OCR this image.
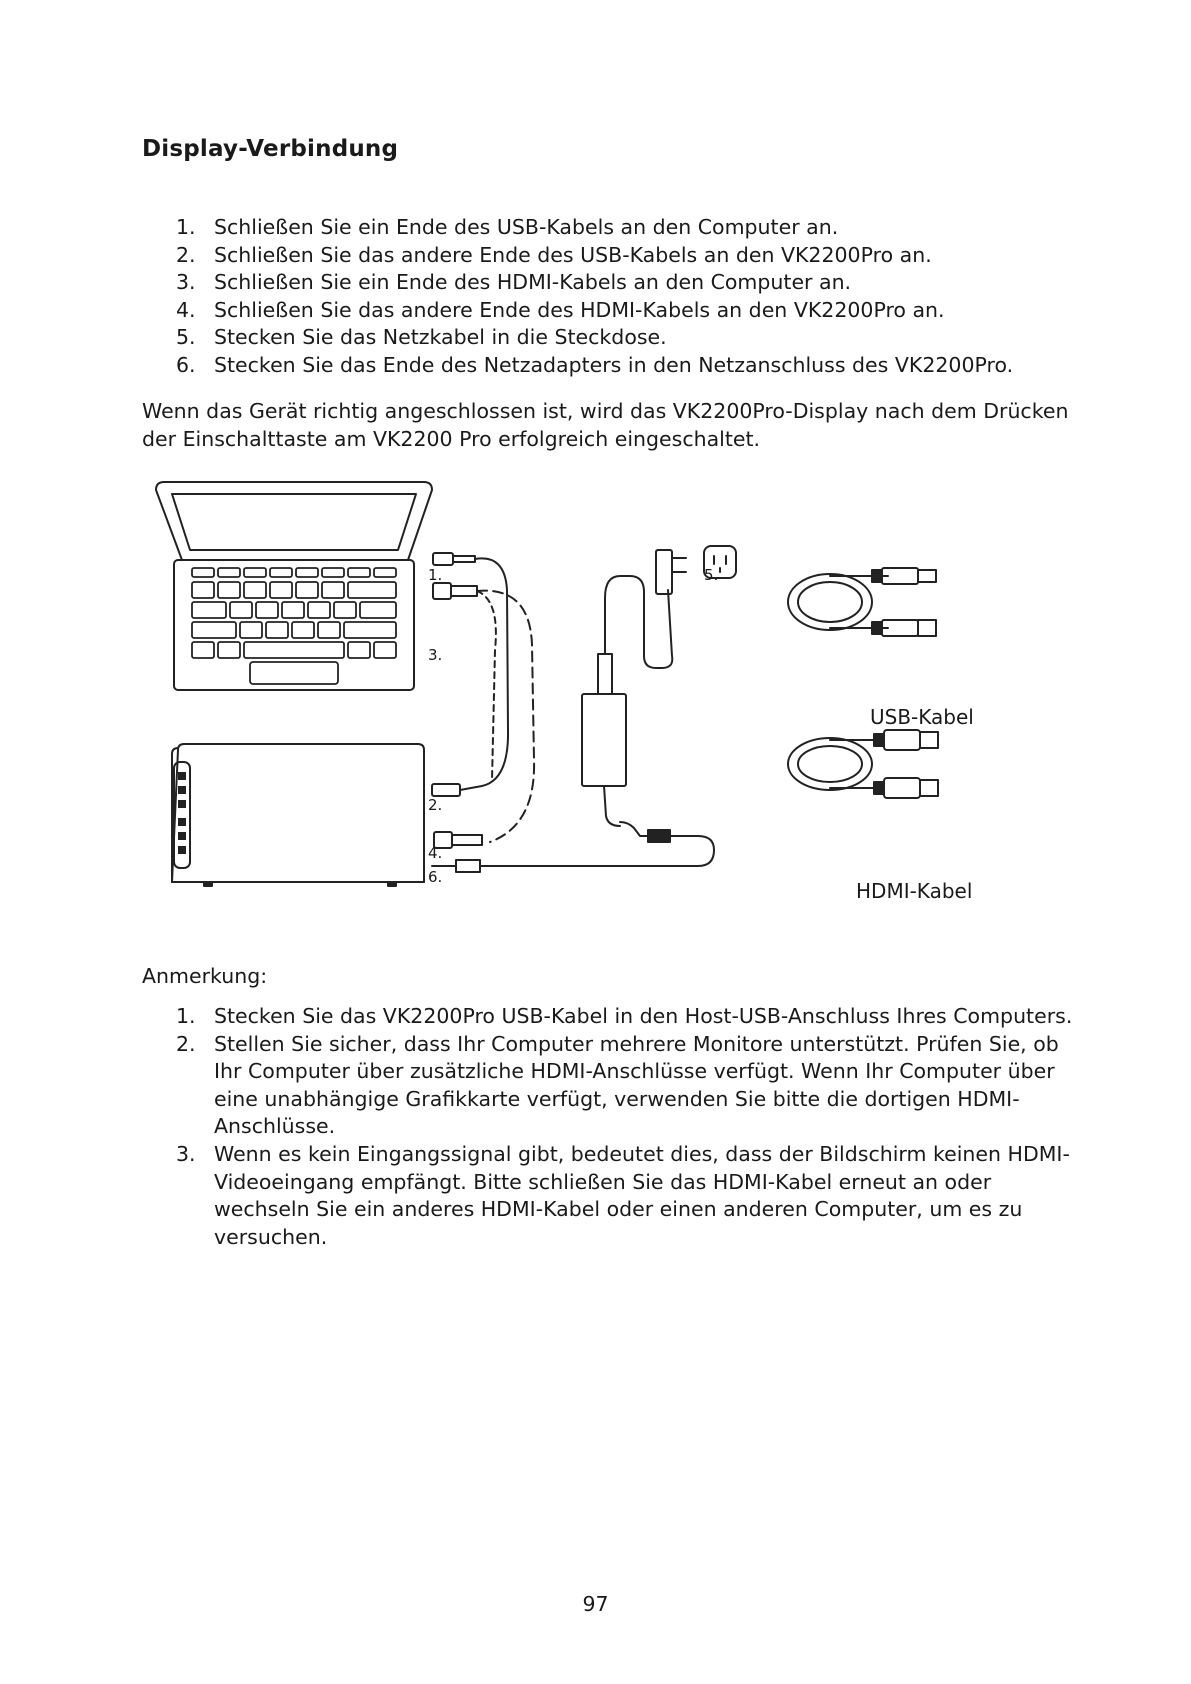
Display-Verbindung
1. Schließen Sie ein Ende des USB-Kabels an den Computer an.
2. Schließen Sie das andere Ende des USB-Kabels an den VK2200Pro an.
3. Schließen Sie ein Ende des HDMI-Kabels an den Computer an.
4. Schließen Sie das andere Ende des HDMI-Kabels an den VK2200Pro an.
5. Stecken Sie das Netzkabel in die Steckdose.
6. Stecken Sie das Ende des Netzadapters in den Netzanschluss des VK2200Pro.

Wenn das Gerät richtig angeschlossen ist, wird das VK2200Pro-Display nach dem Drücken der Einschalttaste am VK2200 Pro erfolgreich eingeschaltet.

1.
3.
2.
4.
6.
5.
USB-Kabel
HDMI-Kabel

Anmerkung:

1. Stecken Sie das VK2200Pro USB-Kabel in den Host-USB-Anschluss Ihres Computers.
2. Stellen Sie sicher, dass Ihr Computer mehrere Monitore unterstützt. Prüfen Sie, ob Ihr Computer über zusätzliche HDMI-Anschlüsse verfügt. Wenn Ihr Computer über eine unabhängige Grafikkarte verfügt, verwenden Sie bitte die dortigen HDMI-Anschlüsse.
3. Wenn es kein Eingangssignal gibt, bedeutet dies, dass der Bildschirm keinen HDMI-Videoeingang empfängt. Bitte schließen Sie das HDMI-Kabel erneut an oder wechseln Sie ein anderes HDMI-Kabel oder einen anderen Computer, um es zu versuchen.
97
